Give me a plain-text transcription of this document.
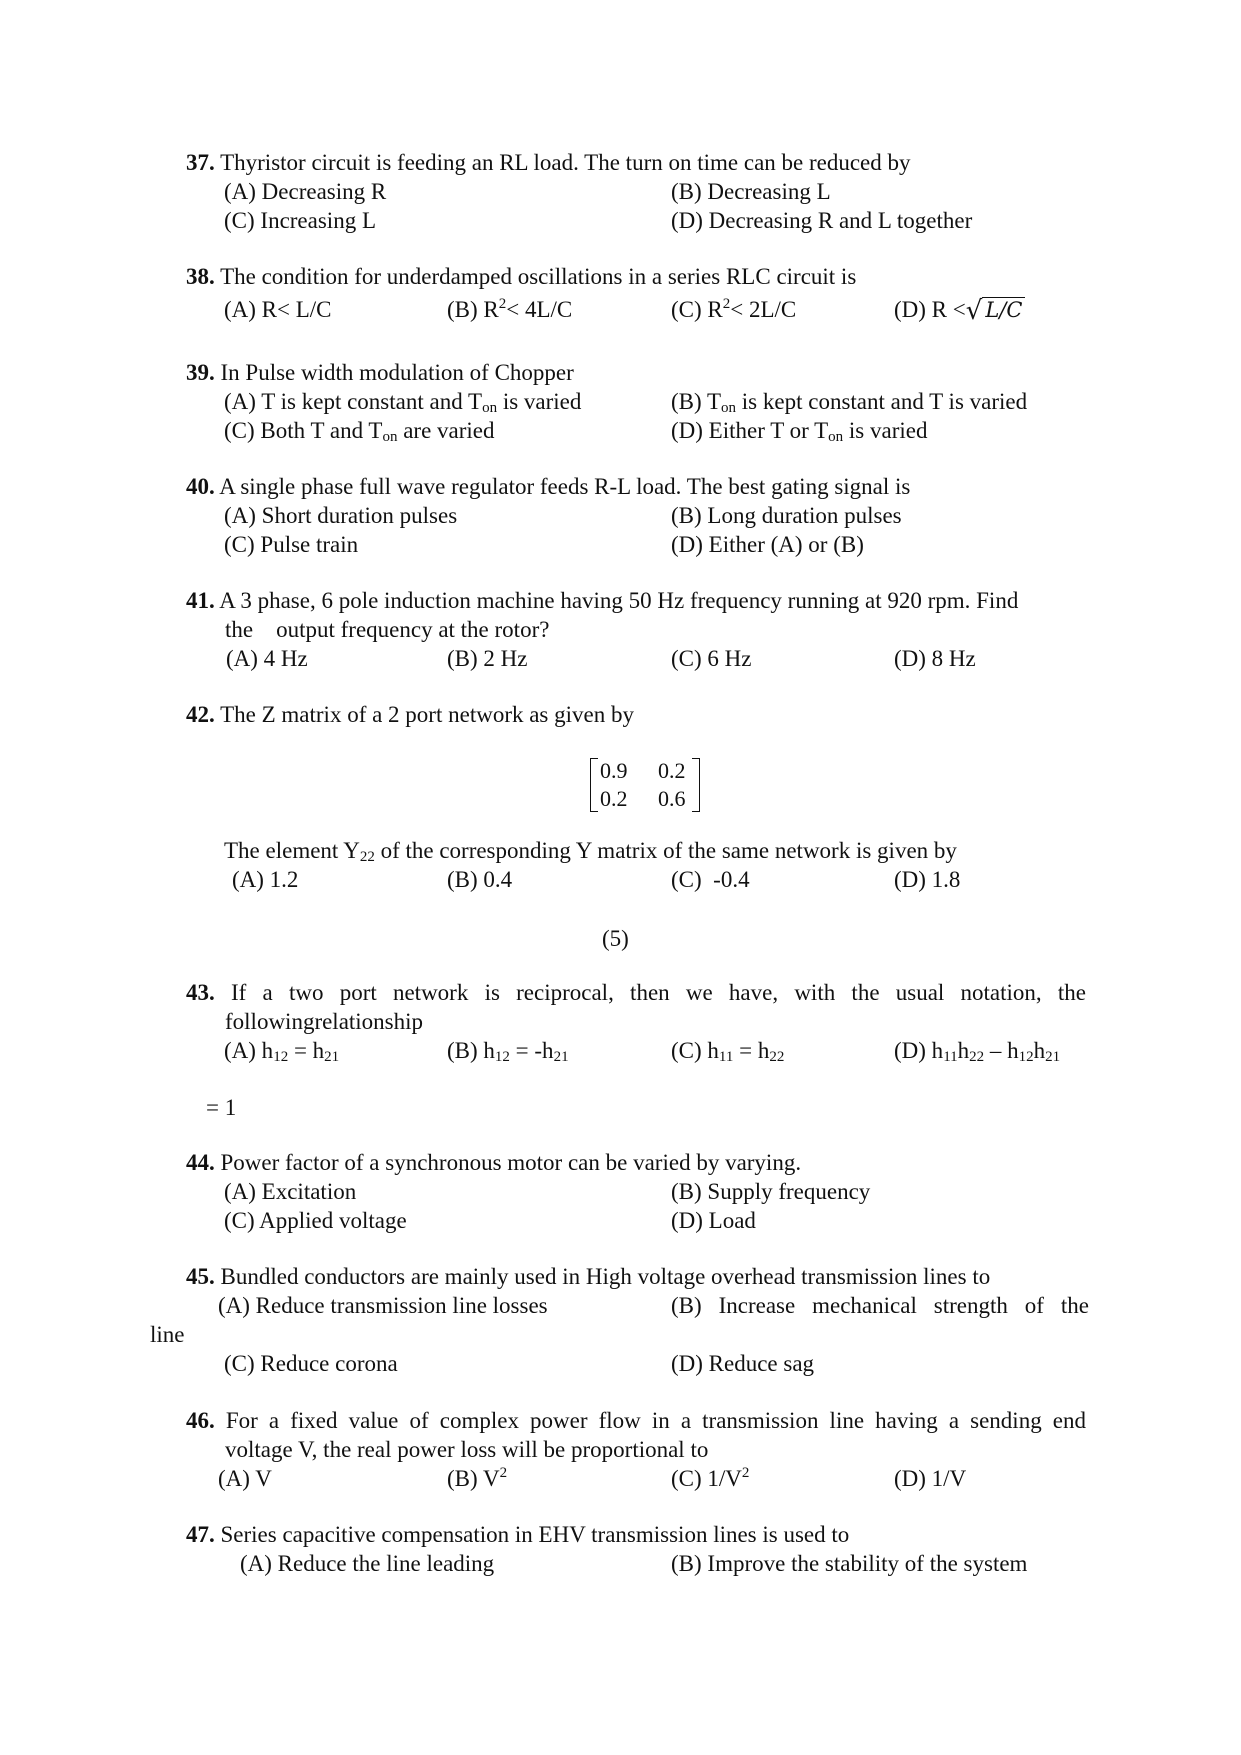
37. Thyristor circuit is feeding an RL load. The turn on time can be reduced by
(A) Decreasing R	(B) Decreasing L
(C) Increasing L	(D) Decreasing R and L together
38. The condition for underdamped oscillations in a series RLC circuit is
(A) R< L/C	(B) $R^2< 4L/C$	(C) $R^2< 2L/C$	(D) R <√ L/C
39. In Pulse width modulation of Chopper
(A) T is kept constant and $T_{on}$ is varied	(B) $T_{on}$ is kept constant and T is varied
(C) Both T and $T_{on}$ are varied	(D) Either T or $T_{on}$ is varied
40. A single phase full wave regulator feeds R-L load. The best gating signal is
(A) Short duration pulses	(B) Long duration pulses
(C) Pulse train	(D) Either (A) or (B)
41. A 3 phase, 6 pole induction machine having 50 Hz frequency running at 920 rpm. Find
the    output frequency at the rotor?
(A) 4 Hz	(B) 2 Hz	(C) 6 Hz	(D) 8 Hz
42. The Z matrix of a 2 port network as given by
0.9 0.2
0.2 0.6
The element $Y_{22}$ of the corresponding Y matrix of the same network is given by
(A) 1.2	(B) 0.4	(C)  -0.4	(D) 1.8
(5)
43. If a two port network is reciprocal, then we have, with the usual notation, the
followingrelationship
(A) $h_{12} = h_{21}$	(B) $h_{12} = -h_{21}$	(C) $h_{11} = h_{22}$	(D) $h_{11}h_{22} - h_{12}h_{21}$
= 1
44. Power factor of a synchronous motor can be varied by varying.
(A) Excitation	(B) Supply frequency
(C) Applied voltage	(D) Load
45. Bundled conductors are mainly used in High voltage overhead transmission lines to
(A) Reduce transmission line losses	(B)  Increase  mechanical  strength  of  the
line
(C) Reduce corona	(D) Reduce sag
46. For a fixed value of complex power flow in a transmission line having a sending end
voltage V, the real power loss will be proportional to
(A) V	(B) $V^2$	(C) $1/V^2$	(D) 1/V
47. Series capacitive compensation in EHV transmission lines is used to
(A) Reduce the line leading	(B) Improve the stability of the system
